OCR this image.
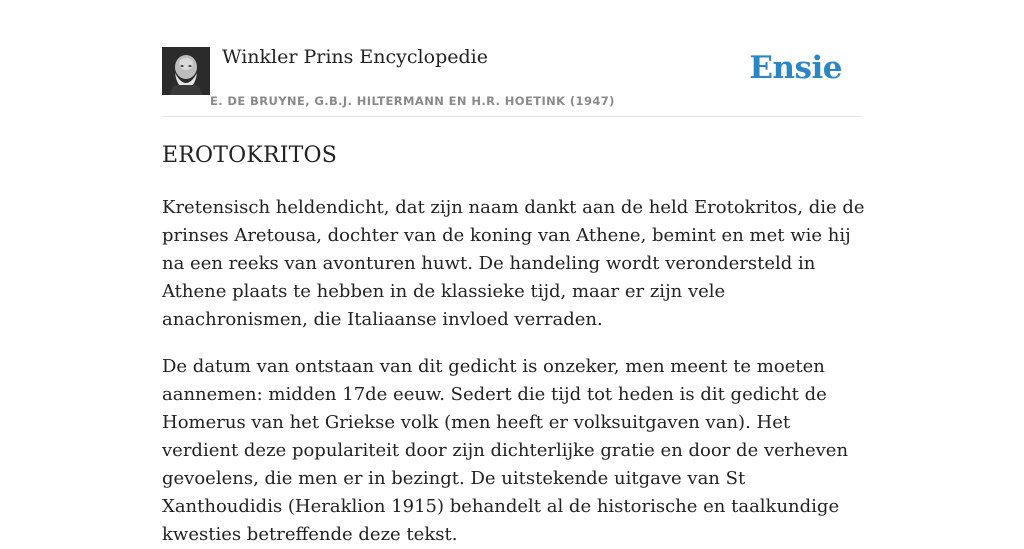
Winkler Prins Encyclopedie
E. DE BRUYNE, G.B.J. HILTERMANN EN H.R. HOETINK (1947)
Ensie
EROTOKRITOS

Kretensisch heldendicht, dat zijn naam dankt aan de held Erotokritos, die de prinses Aretousa, dochter van de koning van Athene, bemint en met wie hij na een reeks van avonturen huwt. De handeling wordt verondersteld in Athene plaats te hebben in de klassieke tijd, maar er zijn vele anachronismen, die Italiaanse invloed verraden.

De datum van ontstaan van dit gedicht is onzeker, men meent te moeten aannemen: midden 17de eeuw. Sedert die tijd tot heden is dit gedicht de Homerus van het Griekse volk (men heeft er volksuitgaven van). Het verdient deze populariteit door zijn dichterlijke gratie en door de verheven gevoelens, die men er in bezingt. De uitstekende uitgave van St Xanthoudidis (Heraklion 1915) behandelt al de historische en taalkundige kwesties betreffende deze tekst.
